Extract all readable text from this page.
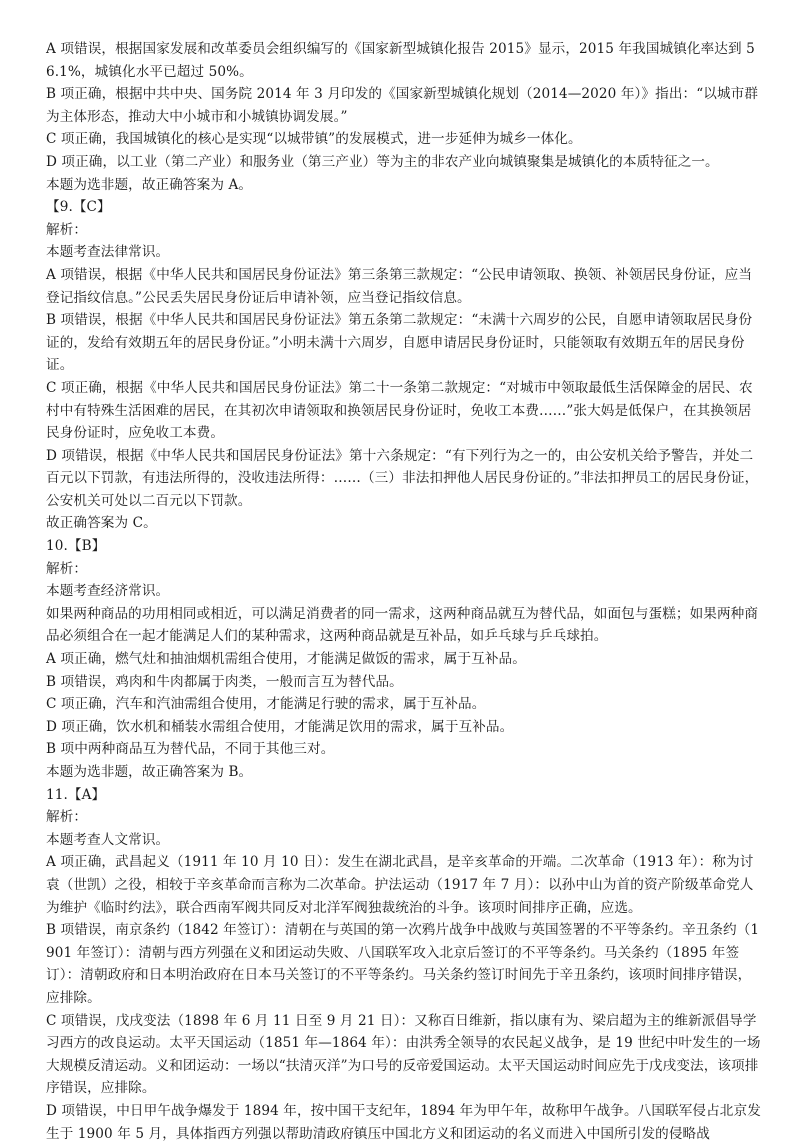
A 项错误，根据国家发展和改革委员会组织编写的《国家新型城镇化报告 2015》显示，2015 年我国城镇化率达到 56.1%，城镇化水平已超过 50%。

B 项正确，根据中共中央、国务院 2014 年 3 月印发的《国家新型城镇化规划（2014—2020 年）》指出：“以城市群为主体形态，推动大中小城市和小城镇协调发展。”

C 项正确，我国城镇化的核心是实现“以城带镇”的发展模式，进一步延伸为城乡一体化。

D 项正确，以工业（第二产业）和服务业（第三产业）等为主的非农产业向城镇聚集是城镇化的本质特征之一。

本题为选非题，故正确答案为 A。

【9.【C】

解析：

本题考查法律常识。

A 项错误，根据《中华人民共和国居民身份证法》第三条第三款规定：“公民申请领取、换领、补领居民身份证，应当登记指纹信息。”公民丢失居民身份证后申请补领，应当登记指纹信息。

B 项错误，根据《中华人民共和国居民身份证法》第五条第二款规定：“未满十六周岁的公民，自愿申请领取居民身份证的，发给有效期五年的居民身份证。”小明未满十六周岁，自愿申请居民身份证时，只能领取有效期五年的居民身份证。

C 项正确，根据《中华人民共和国居民身份证法》第二十一条第二款规定：“对城市中领取最低生活保障金的居民、农村中有特殊生活困难的居民，在其初次申请领取和换领居民身份证时，免收工本费……”张大妈是低保户，在其换领居民身份证时，应免收工本费。

D 项错误，根据《中华人民共和国居民身份证法》第十六条规定：“有下列行为之一的，由公安机关给予警告，并处二百元以下罚款，有违法所得的，没收违法所得：……（三）非法扣押他人居民身份证的。”非法扣押员工的居民身份证，公安机关可处以二百元以下罚款。

故正确答案为 C。

10.【B】

解析：

本题考查经济常识。

如果两种商品的功用相同或相近，可以满足消费者的同一需求，这两种商品就互为替代品，如面包与蛋糕；如果两种商品必须组合在一起才能满足人们的某种需求，这两种商品就是互补品，如乒乓球与乒乓球拍。

A 项正确，燃气灶和抽油烟机需组合使用，才能满足做饭的需求，属于互补品。

B 项错误，鸡肉和牛肉都属于肉类，一般而言互为替代品。

C 项正确，汽车和汽油需组合使用，才能满足行驶的需求，属于互补品。

D 项正确，饮水机和桶装水需组合使用，才能满足饮用的需求，属于互补品。

B 项中两种商品互为替代品，不同于其他三对。

本题为选非题，故正确答案为 B。

11.【A】

解析：

本题考查人文常识。

A 项正确，武昌起义（1911 年 10 月 10 日）：发生在湖北武昌，是辛亥革命的开端。二次革命（1913 年）：称为讨袁（世凯）之役，相较于辛亥革命而言称为二次革命。护法运动（1917 年 7 月）：以孙中山为首的资产阶级革命党人为维护《临时约法》，联合西南军阀共同反对北洋军阀独裁统治的斗争。该项时间排序正确，应选。

B 项错误，南京条约（1842 年签订）：清朝在与英国的第一次鸦片战争中战败与英国签署的不平等条约。辛丑条约（1901 年签订）：清朝与西方列强在义和团运动失败、八国联军攻入北京后签订的不平等条约。马关条约（1895 年签订）：清朝政府和日本明治政府在日本马关签订的不平等条约。马关条约签订时间先于辛丑条约，该项时间排序错误，应排除。

C 项错误，戊戌变法（1898 年 6 月 11 日至 9 月 21 日）：又称百日维新，指以康有为、梁启超为主的维新派倡导学习西方的改良运动。太平天国运动（1851 年—1864 年）：由洪秀全领导的农民起义战争，是 19 世纪中叶发生的一场大规模反清运动。义和团运动：一场以“扶清灭洋”为口号的反帝爱国运动。太平天国运动时间应先于戊戌变法，该项排序错误，应排除。

D 项错误，中日甲午战争爆发于 1894 年，按中国干支纪年，1894 年为甲午年，故称甲午战争。八国联军侵占北京发生于 1900 年 5 月，具体指西方列强以帮助清政府镇压中国北方义和团运动的名义而进入中国所引发的侵略战
